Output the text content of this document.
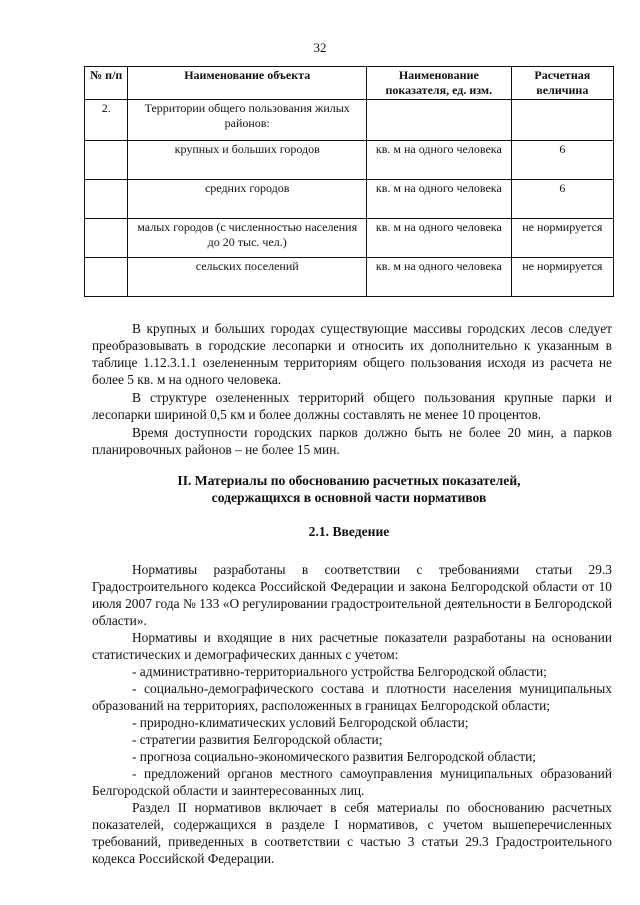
32
№ п/п	Наименование объекта	Наименование показателя, ед. изм.	Расчетная величина
2.	Территории общего пользования жилых районов:		
	крупных и больших городов	кв. м на одного человека	6
	средних городов	кв. м на одного человека	6
	малых городов (с численностью населения до 20 тыс. чел.)	кв. м на одного человека	не нормируется
	сельских поселений	кв. м на одного человека	не нормируется

В крупных и больших городах существующие массивы городских лесов следует преобразовывать в городские лесопарки и относить их дополнительно к указанным в таблице 1.12.3.1.1 озелененным территориям общего пользования исходя из расчета не более 5 кв. м на одного человека.

В структуре озелененных территорий общего пользования крупные парки и лесопарки шириной 0,5 км и более должны составлять не менее 10 процентов.

Время доступности городских парков должно быть не более 20 мин, а парков планировочных районов – не более 15 мин.

II. Материалы по обоснованию расчетных показателей,

содержащихся в основной части нормативов

2.1. Введение

Нормативы разработаны в соответствии с требованиями статьи 29.3 Градостроительного кодекса Российской Федерации и закона Белгородской области от 10 июля 2007 года № 133 «О регулировании градостроительной деятельности в Белгородской области».

Нормативы и входящие в них расчетные показатели разработаны на основании статистических и демографических данных с учетом:

- административно-территориального устройства Белгородской области;

- социально-демографического состава и плотности населения муниципальных образований на территориях, расположенных в границах Белгородской области;

- природно-климатических условий Белгородской области;

- стратегии развития Белгородской области;

- прогноза социально-экономического развития Белгородской области;

- предложений органов местного самоуправления муниципальных образований Белгородской области и заинтересованных лиц.

Раздел II нормативов включает в себя материалы по обоснованию расчетных показателей, содержащихся в разделе I нормативов, с учетом вышеперечисленных требований, приведенных в соответствии с частью 3 статьи 29.3 Градостроительного кодекса Российской Федерации.
